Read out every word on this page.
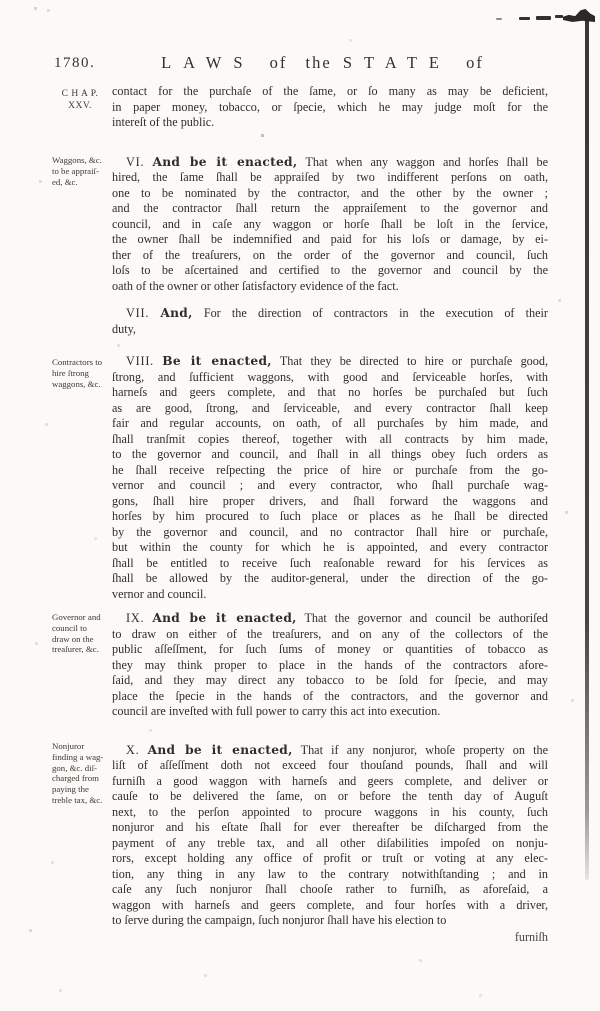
1780.	LAWS of the STATE of
C H A P.
XXV.
Waggons, &c.
to be appraiſ-
ed, &c.
Contractors to
hire ſtrong
waggons, &c.
Governor and
council to
draw on the
treaſurer, &c.
Nonjuror
finding a wag-
gon, &c. diſ-
charged from
paying the
treble tax, &c.
contact for the purchaſe of the ſame, or ſo many as may be deficient,
in paper money, tobacco, or ſpecie, which he may judge moſt for the
intereſt of the public.
VI. And be it enacted, That when any waggon and horſes ſhall be
hired, the ſame ſhall be appraiſed by two indifferent perſons on oath,
one to be nominated by the contractor, and the other by the owner ;
and the contractor ſhall return the appraiſement to the governor and
council, and in caſe any waggon or horſe ſhall be loſt in the ſervice,
the owner ſhall be indemnified and paid for his loſs or damage, by ei-
ther of the treaſurers, on the order of the governor and council, ſuch
loſs to be aſcertained and certified to the governor and council by the
oath of the owner or other ſatisfactory evidence of the fact.
VII. And, For the direction of contractors in the execution of their
duty,
VIII. Be it enacted, That they be directed to hire or purchaſe good,
ſtrong, and ſufficient waggons, with good and ſerviceable horſes, with
harneſs and geers complete, and that no horſes be purchaſed but ſuch
as are good, ſtrong, and ſerviceable, and every contractor ſhall keep
fair and regular accounts, on oath, of all purchaſes by him made, and
ſhall tranſmit copies thereof, together with all contracts by him made,
to the governor and council, and ſhall in all things obey ſuch orders as
he ſhall receive reſpecting the price of hire or purchaſe from the go-
vernor and council ; and every contractor, who ſhall purchaſe wag-
gons, ſhall hire proper drivers, and ſhall forward the waggons and
horſes by him procured to ſuch place or places as he ſhall be directed
by the governor and council, and no contractor ſhall hire or purchaſe,
but within the county for which he is appointed, and every contractor
ſhall be entitled to receive ſuch reaſonable reward for his ſervices as
ſhall be allowed by the auditor-general, under the direction of the go-
vernor and council.
IX. And be it enacted, That the governor and council be authoriſed
to draw on either of the treaſurers, and on any of the collectors of the
public aſſeſſment, for ſuch ſums of money or quantities of tobacco as
they may think proper to place in the hands of the contractors afore-
ſaid, and they may direct any tobacco to be ſold for ſpecie, and may
place the ſpecie in the hands of the contractors, and the governor and
council are inveſted with full power to carry this act into execution.
X. And be it enacted, That if any nonjuror, whoſe property on the
liſt of aſſeſſment doth not exceed four thouſand pounds, ſhall and will
furniſh a good waggon with harneſs and geers complete, and deliver or
cauſe to be delivered the ſame, on or before the tenth day of Auguſt
next, to the perſon appointed to procure waggons in his county, ſuch
nonjuror and his eſtate ſhall for ever thereafter be diſcharged from the
payment of any treble tax, and all other diſabilities impoſed on nonju-
rors, except holding any office of profit or truſt or voting at any elec-
tion, any thing in any law to the contrary notwithſtanding ; and in
caſe any ſuch nonjuror ſhall chooſe rather to furniſh, as aforeſaid, a
waggon with harneſs and geers complete, and four horſes with a driver,
to ſerve during the campaign, ſuch nonjuror ſhall have his election to
furniſh
